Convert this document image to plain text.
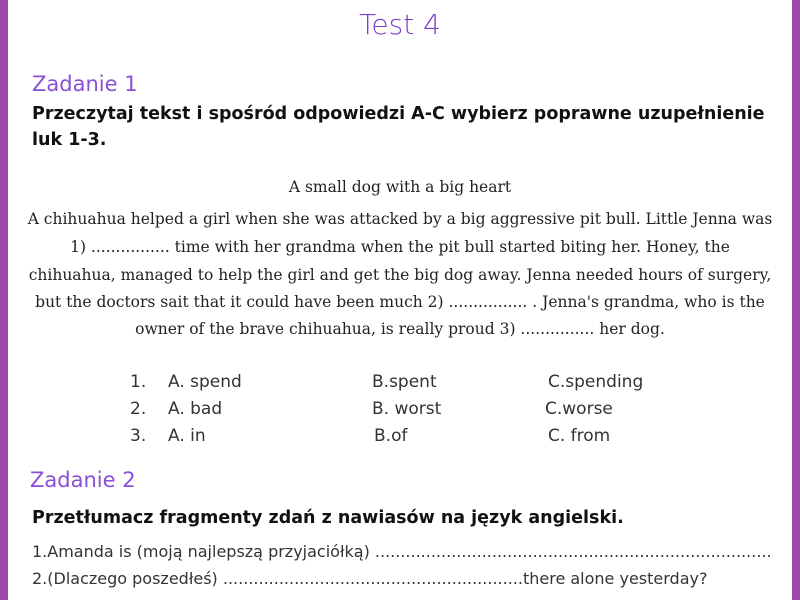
Test 4
Zadanie 1
Przeczytaj tekst i spośród odpowiedzi A-C wybierz poprawne uzupełnienie luk 1-3.
A small dog with a big heart
A chihuahua helped a girl when she was attacked by a big aggressive pit bull. Little Jenna was
1) ................ time with her grandma when the pit bull started biting her. Honey, the
chihuahua, managed to help the girl and get the big dog away. Jenna needed hours of surgery,
but the doctors sait that it could have been much 2) ................ . Jenna's grandma, who is the
owner of the brave chihuahua, is really proud 3) ............... her dog.
1. A. spend	B.spent	C.spending
2. A. bad	B. worst	C.worse
3. A. in	B.of	C. from
Zadanie 2
Przetłumacz fragmenty zdań z nawiasów na język angielski.
1.Amanda is (moją najlepszą przyjaciółką) ..............................................................................
2.(Dlaczego poszedłeś) ...........................................................there alone yesterday?
